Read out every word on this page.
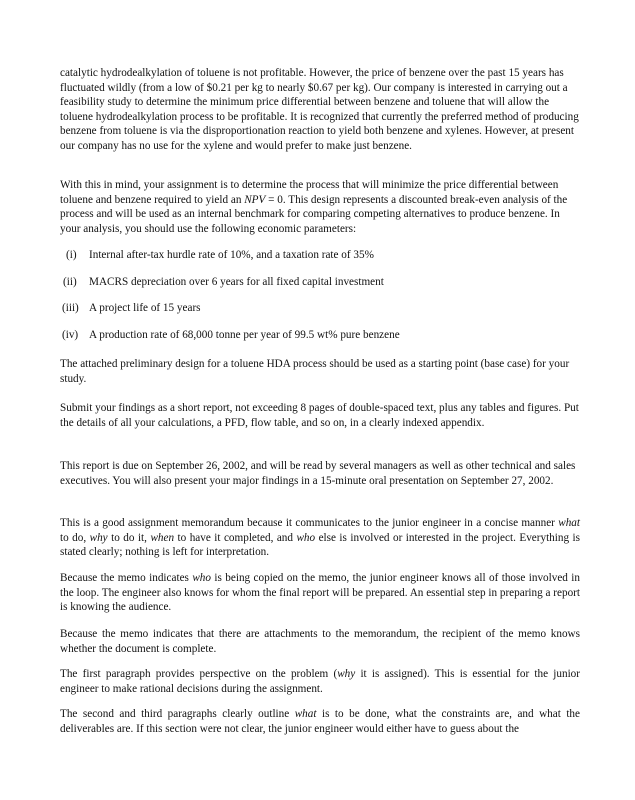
catalytic hydrodealkylation of toluene is not profitable. However, the price of benzene over the past 15 years has fluctuated wildly (from a low of $0.21 per kg to nearly $0.67 per kg). Our company is interested in carrying out a feasibility study to determine the minimum price differential between benzene and toluene that will allow the toluene hydrodealkylation process to be profitable. It is recognized that currently the preferred method of producing benzene from toluene is via the disproportionation reaction to yield both benzene and xylenes. However, at present our company has no use for the xylene and would prefer to make just benzene.

With this in mind, your assignment is to determine the process that will minimize the price differential between toluene and benzene required to yield an NPV = 0. This design represents a discounted break-even analysis of the process and will be used as an internal benchmark for comparing competing alternatives to produce benzene. In your analysis, you should use the following economic parameters:

(i) Internal after-tax hurdle rate of 10%, and a taxation rate of 35%

(ii) MACRS depreciation over 6 years for all fixed capital investment

(iii) A project life of 15 years

(iv) A production rate of 68,000 tonne per year of 99.5 wt% pure benzene

The attached preliminary design for a toluene HDA process should be used as a starting point (base case) for your study.

Submit your findings as a short report, not exceeding 8 pages of double-spaced text, plus any tables and figures. Put the details of all your calculations, a PFD, flow table, and so on, in a clearly indexed appendix.

This report is due on September 26, 2002, and will be read by several managers as well as other technical and sales executives. You will also present your major findings in a 15-minute oral presentation on September 27, 2002.

This is a good assignment memorandum because it communicates to the junior engineer in a concise manner what to do, why to do it, when to have it completed, and who else is involved or interested in the project. Everything is stated clearly; nothing is left for interpretation.

Because the memo indicates who is being copied on the memo, the junior engineer knows all of those involved in the loop. The engineer also knows for whom the final report will be prepared. An essential step in preparing a report is knowing the audience.

Because the memo indicates that there are attachments to the memorandum, the recipient of the memo knows whether the document is complete.

The first paragraph provides perspective on the problem (why it is assigned). This is essential for the junior engineer to make rational decisions during the assignment.

The second and third paragraphs clearly outline what is to be done, what the constraints are, and what the deliverables are. If this section were not clear, the junior engineer would either have to guess about the
